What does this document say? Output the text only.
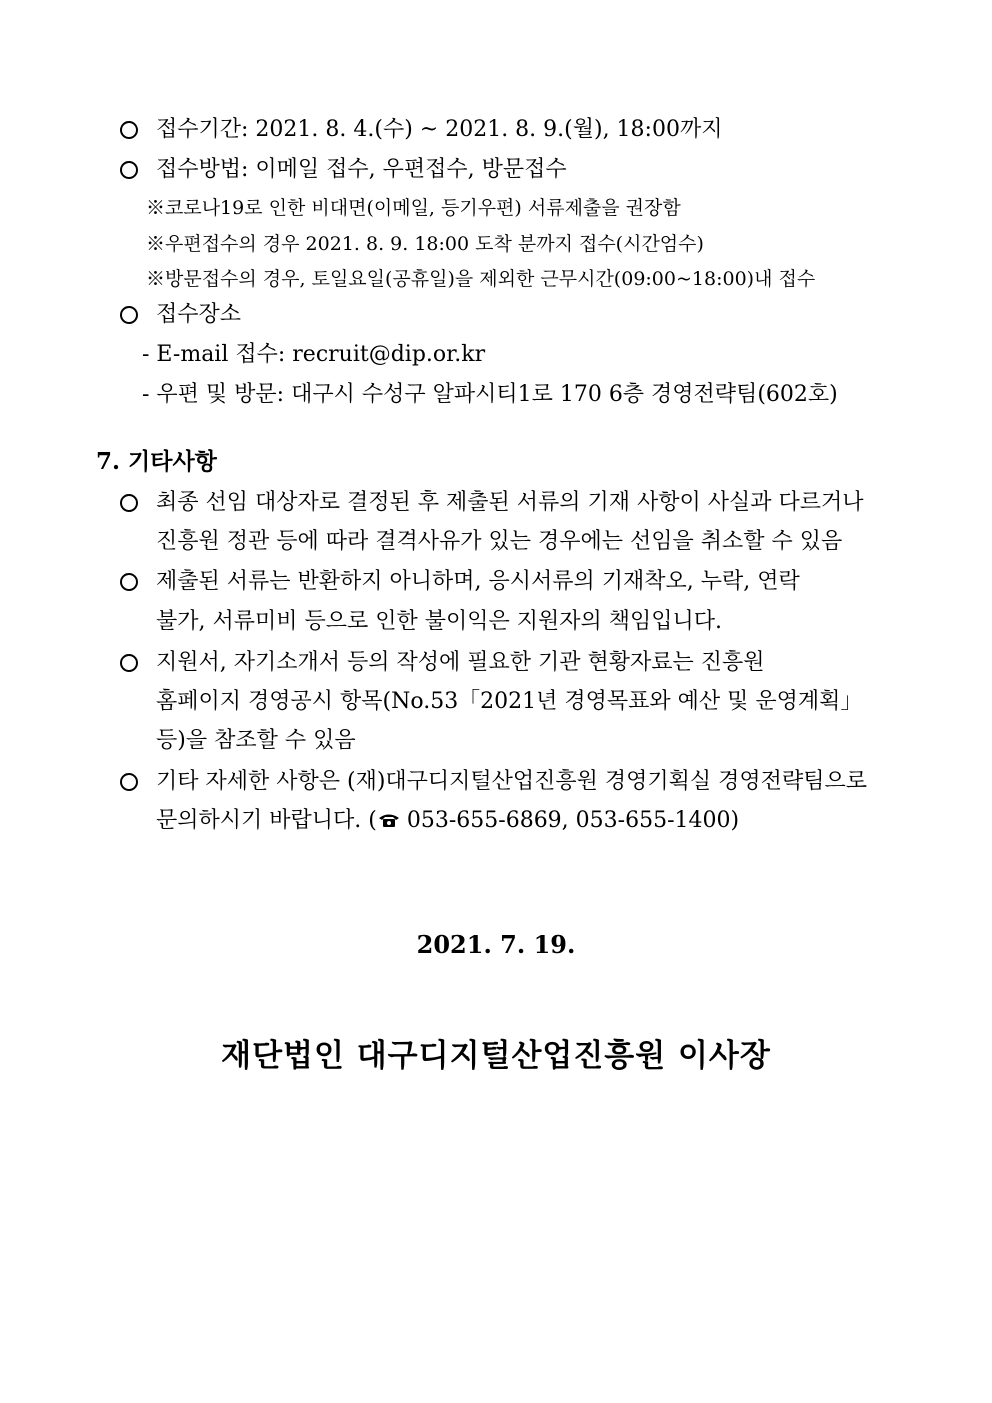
접수기간: 2021. 8. 4.(수) ~ 2021. 8. 9.(월), 18:00까지
접수방법: 이메일 접수, 우편접수, 방문접수
※코로나19로 인한 비대면(이메일, 등기우편) 서류제출을 권장함
※우편접수의 경우 2021. 8. 9. 18:00 도착 분까지 접수(시간엄수)
※방문접수의 경우, 토일요일(공휴일)을 제외한 근무시간(09:00~18:00)내 접수
접수장소
- E-mail 접수: recruit@dip.or.kr
- 우편 및 방문: 대구시 수성구 알파시티1로 170 6층 경영전략팀(602호)
7. 기타사항
최종 선임 대상자로 결정된 후 제출된 서류의 기재 사항이 사실과 다르거나
진흥원 정관 등에 따라 결격사유가 있는 경우에는 선임을 취소할 수 있음
제출된 서류는 반환하지 아니하며, 응시서류의 기재착오, 누락, 연락
불가, 서류미비 등으로 인한 불이익은 지원자의 책임입니다.
지원서, 자기소개서 등의 작성에 필요한 기관 현황자료는 진흥원
홈페이지 경영공시 항목(No.53「2021년 경영목표와 예산 및 운영계획」
등)을 참조할 수 있음
기타 자세한 사항은 (재)대구디지털산업진흥원 경영기획실 경영전략팀으로
문의하시기 바랍니다. ( 053-655-6869, 053-655-1400)
2021. 7. 19.
재단법인 대구디지털산업진흥원 이사장
